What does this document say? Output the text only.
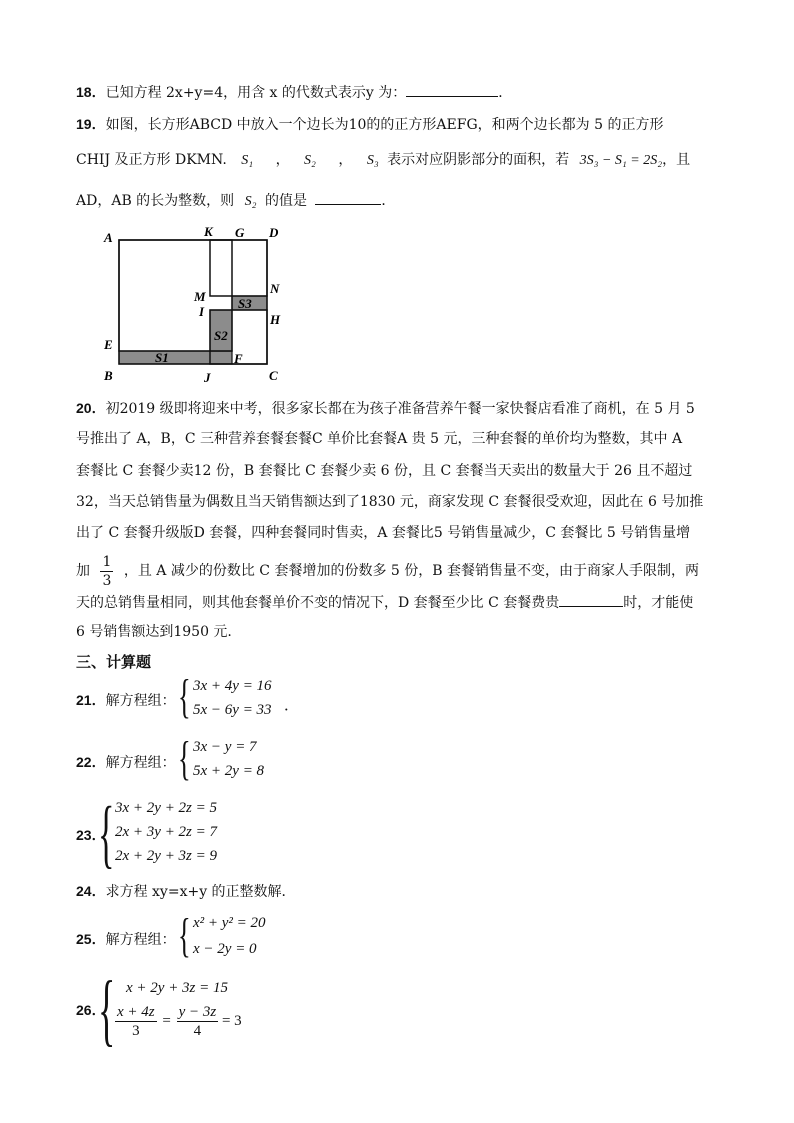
18．已知方程 2x+y=4，用含 x 的代数式表示y 为：	．
19．如图，长方形ABCD 中放入一个边长为10的的正方形AEFG，和两个边长都为 5 的正方形
CHIJ 及正方形 DKMN. S₁ ， S₂ ， S₃ 表示对应阴影部分的面积，若 3S₃ − S₁ = 2S₂，且
AD，AB 的长为整数，则 S₂ 的值是	．
A	K G D
N
M
I
H
E
B	J
F
C
S1
S2
S3
20．初2019 级即将迎来中考，很多家长都在为孩子准备营养午餐一家快餐店看准了商机，在 5 月 5
号推出了 A，B，C 三种营养套餐套餐C 单价比套餐A 贵 5 元，三种套餐的单价均为整数，其中 A
套餐比 C 套餐少卖12 份，B 套餐比 C 套餐少卖 6 份，且 C 套餐当天卖出的数量大于 26 且不超过
32，当天总销售量为偶数且当天销售额达到了1830 元，商家发现 C 套餐很受欢迎，因此在 6 号加推
出了 C 套餐升级版D 套餐，四种套餐同时售卖，A 套餐比5 号销售量减少，C 套餐比 5 号销售量增
加 $\frac{1}{3}$ ，且 A 减少的份数比 C 套餐增加的份数多 5 份，B 套餐销售量不变，由于商家人手限制，两
天的总销售量相同，则其他套餐单价不变的情况下，D 套餐至少比 C 套餐费贵	时，才能使
6 号销售额达到1950 元.
三、计算题
21．解方程组： { 3x + 4y = 16
5x − 6y = 33 ．
22．解方程组： { 3x − y = 7
5x + 2y = 8
23．
{ 3x + 2y + 2z = 5
2x + 3y + 2z = 7
2x + 2y + 3z = 9
24．求方程 xy=x+y 的正整数解．
25．解方程组： { x² + y² = 20
x − 2y = 0
26．
{ x + 2y + 3z = 15
$\frac{x + 4z}{3} = \frac{y - 3z}{4} = 3$
